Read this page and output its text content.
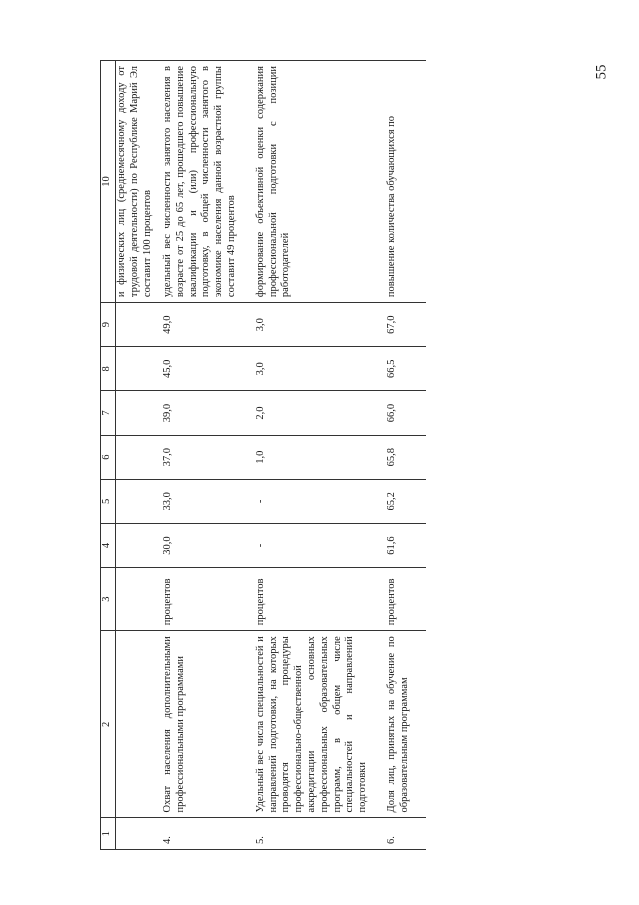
55
1	2	3	4	5	6	7	8	9	10
									и физических лиц (среднемесячному доходу от трудовой деятельности) по Республике Марий Эл составит 100 процентов
4.	Охват населения дополнительными профессиональными программами	процентов	30,0	33,0	37,0	39,0	45,0	49,0	удельный вес численности занятого населения в возрасте от 25 до 65 лет, прошедшего повышение квалификации и (или) профессиональную подготовку, в общей численности занятого в экономике населения данной возрастной группы составит 49 процентов
5.	Удельный вес числа специальностей и направлений подготовки, на которых проводятся процедуры профессионально-общественной аккредитации основных профессиональных образовательных программ, в общем числе специальностей и направлений подготовки	процентов	-	-	1,0	2,0	3,0	3,0	формирование объективной оценки содержания профессиональной подготовки с позиции работодателей
6.	Доля лиц, принятых на обучение по образовательным программам	процентов	61,6	65,2	65,8	66,0	66,5	67,0	повышение количества обучающихся по
